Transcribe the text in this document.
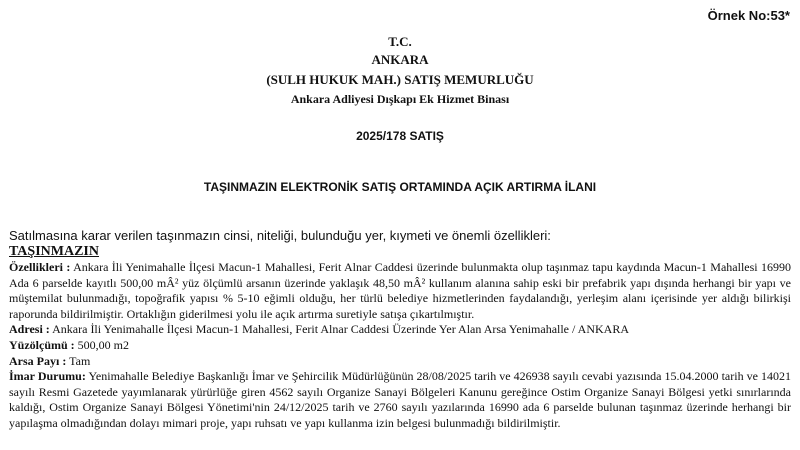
Örnek No:53*
T.C.
ANKARA
(SULH HUKUK MAH.) SATIŞ MEMURLUĞU
Ankara Adliyesi Dışkapı Ek Hizmet Binası
2025/178 SATIŞ
TAŞINMAZIN ELEKTRONİK SATIŞ ORTAMINDA AÇIK ARTIRMA İLANI
Satılmasına karar verilen taşınmazın cinsi, niteliği, bulunduğu yer, kıymeti ve önemli özellikleri:
TAŞINMAZIN

Özellikleri : Ankara İli Yenimahalle İlçesi Macun-1 Mahallesi, Ferit Alnar Caddesi üzerinde bulunmakta olup taşınmaz tapu kaydında Macun-1 Mahallesi 16990 Ada 6 parselde kayıtlı 500,00 mÂ² yüz ölçümlü arsanın üzerinde yaklaşık 48,50 mÂ² kullanım alanına sahip eski bir prefabrik yapı dışında herhangi bir yapı ve müştemilat bulunmadığı, topoğrafik yapısı % 5-10 eğimli olduğu, her türlü belediye hizmetlerinden faydalandığı, yerleşim alanı içerisinde yer aldığı bilirkişi raporunda bildirilmiştir. Ortaklığın giderilmesi yolu ile açık artırma suretiyle satışa çıkartılmıştır.

Adresi : Ankara İli Yenimahalle İlçesi Macun-1 Mahallesi, Ferit Alnar Caddesi Üzerinde Yer Alan Arsa Yenimahalle / ANKARA

Yüzölçümü : 500,00 m2

Arsa Payı : Tam

İmar Durumu: Yenimahalle Belediye Başkanlığı İmar ve Şehircilik Müdürlüğünün 28/08/2025 tarih ve 426938 sayılı cevabi yazısında 15.04.2000 tarih ve 14021 sayılı Resmi Gazetede yayımlanarak yürürlüğe giren 4562 sayılı Organize Sanayi Bölgeleri Kanunu gereğince Ostim Organize Sanayi Bölgesi yetki sınırlarında kaldığı, Ostim Organize Sanayi Bölgesi Yönetimi'nin 24/12/2025 tarih ve 2760 sayılı yazılarında 16990 ada 6 parselde bulunan taşınmaz üzerinde herhangi bir yapılaşma olmadığından dolayı mimari proje, yapı ruhsatı ve yapı kullanma izin belgesi bulunmadığı bildirilmiştir.
